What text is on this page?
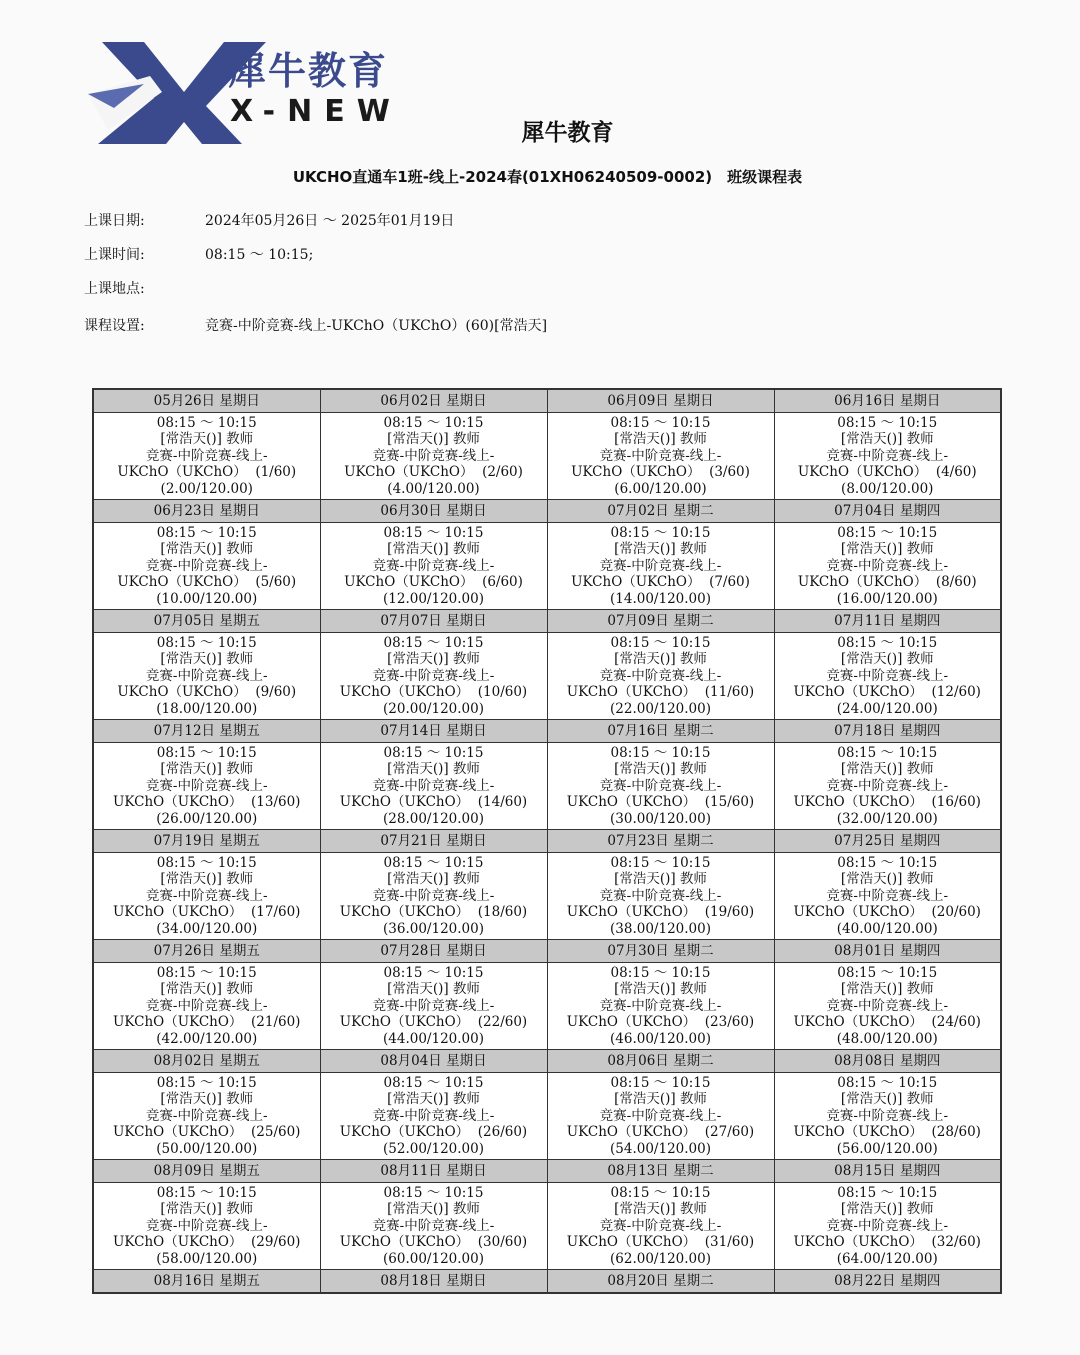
犀牛教育
X-NEW
犀牛教育
UKCHO直通车1班-线上-2024春(01XH06240509-0002)　班级课程表
上课日期:	2024年05月26日 ～ 2025年01月19日
上课时间:	08:15 ～ 10:15;
上课地点:
课程设置:	竞赛-中阶竞赛-线上-UKChO（UKChO）(60)[常浩天]
05月26日 星期日	06月02日 星期日	06月09日 星期日	06月16日 星期日

08:15 ～ 10:15
[常浩天()] 教师
竞赛-中阶竞赛-线上-
UKChO（UKChO） (1/60)
(2.00/120.00)	08:15 ～ 10:15
[常浩天()] 教师
竞赛-中阶竞赛-线上-
UKChO（UKChO） (2/60)
(4.00/120.00)	08:15 ～ 10:15
[常浩天()] 教师
竞赛-中阶竞赛-线上-
UKChO（UKChO） (3/60)
(6.00/120.00)	08:15 ～ 10:15
[常浩天()] 教师
竞赛-中阶竞赛-线上-
UKChO（UKChO） (4/60)
(8.00/120.00)

06月23日 星期日	06月30日 星期日	07月02日 星期二	07月04日 星期四

08:15 ～ 10:15
[常浩天()] 教师
竞赛-中阶竞赛-线上-
UKChO（UKChO） (5/60)
(10.00/120.00)	08:15 ～ 10:15
[常浩天()] 教师
竞赛-中阶竞赛-线上-
UKChO（UKChO） (6/60)
(12.00/120.00)	08:15 ～ 10:15
[常浩天()] 教师
竞赛-中阶竞赛-线上-
UKChO（UKChO） (7/60)
(14.00/120.00)	08:15 ～ 10:15
[常浩天()] 教师
竞赛-中阶竞赛-线上-
UKChO（UKChO） (8/60)
(16.00/120.00)

07月05日 星期五	07月07日 星期日	07月09日 星期二	07月11日 星期四

08:15 ～ 10:15
[常浩天()] 教师
竞赛-中阶竞赛-线上-
UKChO（UKChO） (9/60)
(18.00/120.00)	08:15 ～ 10:15
[常浩天()] 教师
竞赛-中阶竞赛-线上-
UKChO（UKChO） (10/60)
(20.00/120.00)	08:15 ～ 10:15
[常浩天()] 教师
竞赛-中阶竞赛-线上-
UKChO（UKChO） (11/60)
(22.00/120.00)	08:15 ～ 10:15
[常浩天()] 教师
竞赛-中阶竞赛-线上-
UKChO（UKChO） (12/60)
(24.00/120.00)

07月12日 星期五	07月14日 星期日	07月16日 星期二	07月18日 星期四

08:15 ～ 10:15
[常浩天()] 教师
竞赛-中阶竞赛-线上-
UKChO（UKChO） (13/60)
(26.00/120.00)	08:15 ～ 10:15
[常浩天()] 教师
竞赛-中阶竞赛-线上-
UKChO（UKChO） (14/60)
(28.00/120.00)	08:15 ～ 10:15
[常浩天()] 教师
竞赛-中阶竞赛-线上-
UKChO（UKChO） (15/60)
(30.00/120.00)	08:15 ～ 10:15
[常浩天()] 教师
竞赛-中阶竞赛-线上-
UKChO（UKChO） (16/60)
(32.00/120.00)

07月19日 星期五	07月21日 星期日	07月23日 星期二	07月25日 星期四

08:15 ～ 10:15
[常浩天()] 教师
竞赛-中阶竞赛-线上-
UKChO（UKChO） (17/60)
(34.00/120.00)	08:15 ～ 10:15
[常浩天()] 教师
竞赛-中阶竞赛-线上-
UKChO（UKChO） (18/60)
(36.00/120.00)	08:15 ～ 10:15
[常浩天()] 教师
竞赛-中阶竞赛-线上-
UKChO（UKChO） (19/60)
(38.00/120.00)	08:15 ～ 10:15
[常浩天()] 教师
竞赛-中阶竞赛-线上-
UKChO（UKChO） (20/60)
(40.00/120.00)

07月26日 星期五	07月28日 星期日	07月30日 星期二	08月01日 星期四

08:15 ～ 10:15
[常浩天()] 教师
竞赛-中阶竞赛-线上-
UKChO（UKChO） (21/60)
(42.00/120.00)	08:15 ～ 10:15
[常浩天()] 教师
竞赛-中阶竞赛-线上-
UKChO（UKChO） (22/60)
(44.00/120.00)	08:15 ～ 10:15
[常浩天()] 教师
竞赛-中阶竞赛-线上-
UKChO（UKChO） (23/60)
(46.00/120.00)	08:15 ～ 10:15
[常浩天()] 教师
竞赛-中阶竞赛-线上-
UKChO（UKChO） (24/60)
(48.00/120.00)

08月02日 星期五	08月04日 星期日	08月06日 星期二	08月08日 星期四

08:15 ～ 10:15
[常浩天()] 教师
竞赛-中阶竞赛-线上-
UKChO（UKChO） (25/60)
(50.00/120.00)	08:15 ～ 10:15
[常浩天()] 教师
竞赛-中阶竞赛-线上-
UKChO（UKChO） (26/60)
(52.00/120.00)	08:15 ～ 10:15
[常浩天()] 教师
竞赛-中阶竞赛-线上-
UKChO（UKChO） (27/60)
(54.00/120.00)	08:15 ～ 10:15
[常浩天()] 教师
竞赛-中阶竞赛-线上-
UKChO（UKChO） (28/60)
(56.00/120.00)

08月09日 星期五	08月11日 星期日	08月13日 星期二	08月15日 星期四

08:15 ～ 10:15
[常浩天()] 教师
竞赛-中阶竞赛-线上-
UKChO（UKChO） (29/60)
(58.00/120.00)	08:15 ～ 10:15
[常浩天()] 教师
竞赛-中阶竞赛-线上-
UKChO（UKChO） (30/60)
(60.00/120.00)	08:15 ～ 10:15
[常浩天()] 教师
竞赛-中阶竞赛-线上-
UKChO（UKChO） (31/60)
(62.00/120.00)	08:15 ～ 10:15
[常浩天()] 教师
竞赛-中阶竞赛-线上-
UKChO（UKChO） (32/60)
(64.00/120.00)

08月16日 星期五	08月18日 星期日	08月20日 星期二	08月22日 星期四
